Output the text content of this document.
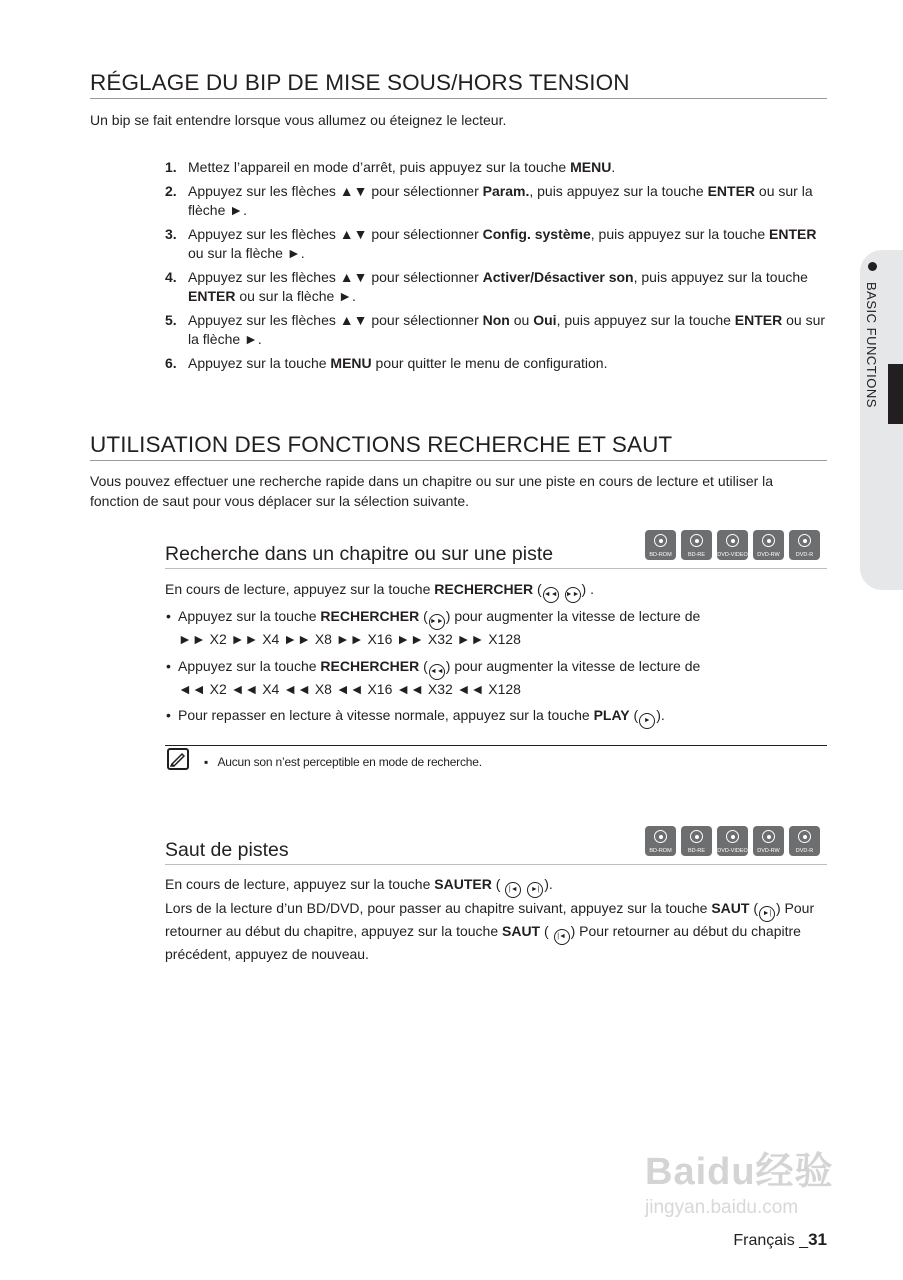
BASIC FUNCTIONS
RÉGLAGE DU BIP DE MISE SOUS/HORS TENSION
Un bip se fait entendre lorsque vous allumez ou éteignez le lecteur.
1. Mettez l’appareil en mode d’arrêt, puis appuyez sur la touche MENU.
2. Appuyez sur les flèches ▲▼ pour sélectionner Param., puis appuyez sur la touche ENTER ou sur la flèche ►.
3. Appuyez sur les flèches ▲▼ pour sélectionner Config. système, puis appuyez sur la touche ENTER ou sur la flèche ►.
4. Appuyez sur les flèches ▲▼ pour sélectionner Activer/Désactiver son, puis appuyez sur la touche ENTER ou sur la flèche ►.
5. Appuyez sur les flèches ▲▼ pour sélectionner Non ou Oui, puis appuyez sur la touche ENTER ou sur la flèche ►.
6. Appuyez sur la touche MENU pour quitter le menu de configuration.
UTILISATION DES FONCTIONS RECHERCHE ET SAUT
Vous pouvez effectuer une recherche rapide dans un chapitre ou sur une piste en cours de lecture et utiliser la fonction de saut pour vous déplacer sur la sélection suivante.
Recherche dans un chapitre ou sur une piste	BD-ROM	BD-RE	DVD-VIDEO	DVD-RW	DVD-R
En cours de lecture, appuyez sur la touche RECHERCHER ( ◄◄ ►► ) .
• Appuyez sur la touche RECHERCHER ( ►► ) pour augmenter la vitesse de lecture de
►► X2 ►► X4 ►► X8 ►► X16 ►► X32 ►► X128
• Appuyez sur la touche RECHERCHER ( ◄◄ ) pour augmenter la vitesse de lecture de
◄◄ X2 ◄◄ X4 ◄◄ X8 ◄◄ X16 ◄◄ X32 ◄◄ X128
• Pour repasser en lecture à vitesse normale, appuyez sur la touche PLAY ( ► ).
▪   Aucun son n’est perceptible en mode de recherche.
Saut de pistes	BD-ROM	BD-RE	DVD-VIDEO	DVD-RW	DVD-R
En cours de lecture, appuyez sur la touche SAUTER ( |◄ ►| ).
Lors de la lecture d’un BD/DVD, pour passer au chapitre suivant, appuyez sur la touche SAUT ( ►| ) Pour retourner au début du chapitre, appuyez sur la touche SAUT ( |◄ ) Pour retourner au début du chapitre précédent, appuyez de nouveau.
Baidu经验
jingyan.baidu.com
Français _31
